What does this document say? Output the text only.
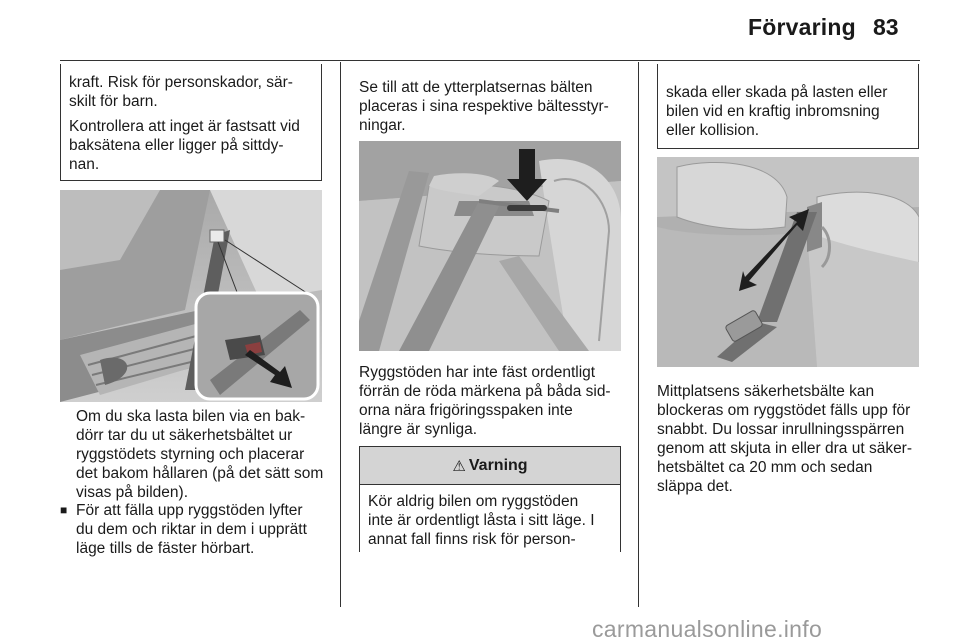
Förvaring 83

kraft. Risk för personskador, sär-

skilt för barn.

Kontrollera att inget är fastsatt vid

baksätena eller ligger på sittdy-

nan.

Om du ska lasta bilen via en bak-

dörr tar du ut säkerhetsbältet ur

ryggstödets styrning och placerar

det bakom hållaren (på det sätt som

visas på bilden).

■ För att fälla upp ryggstöden lyfter

du dem och riktar in dem i upprätt

läge tills de fäster hörbart.

Se till att de ytterplatsernas bälten

placeras i sina respektive bältesstyr-

ningar.

Ryggstöden har inte fäst ordentligt

förrän de röda märkena på båda sid-

orna nära frigöringsspaken inte

längre är synliga.

⚠ Varning

Kör aldrig bilen om ryggstöden

inte är ordentligt låsta i sitt läge. I

annat fall finns risk för person-

skada eller skada på lasten eller

bilen vid en kraftig inbromsning

eller kollision.

Mittplatsens säkerhetsbälte kan

blockeras om ryggstödet fälls upp för

snabbt. Du lossar inrullningsspärren

genom att skjuta in eller dra ut säker-

hetsbältet ca 20 mm och sedan

släppa det.

carmanualsonline.info
